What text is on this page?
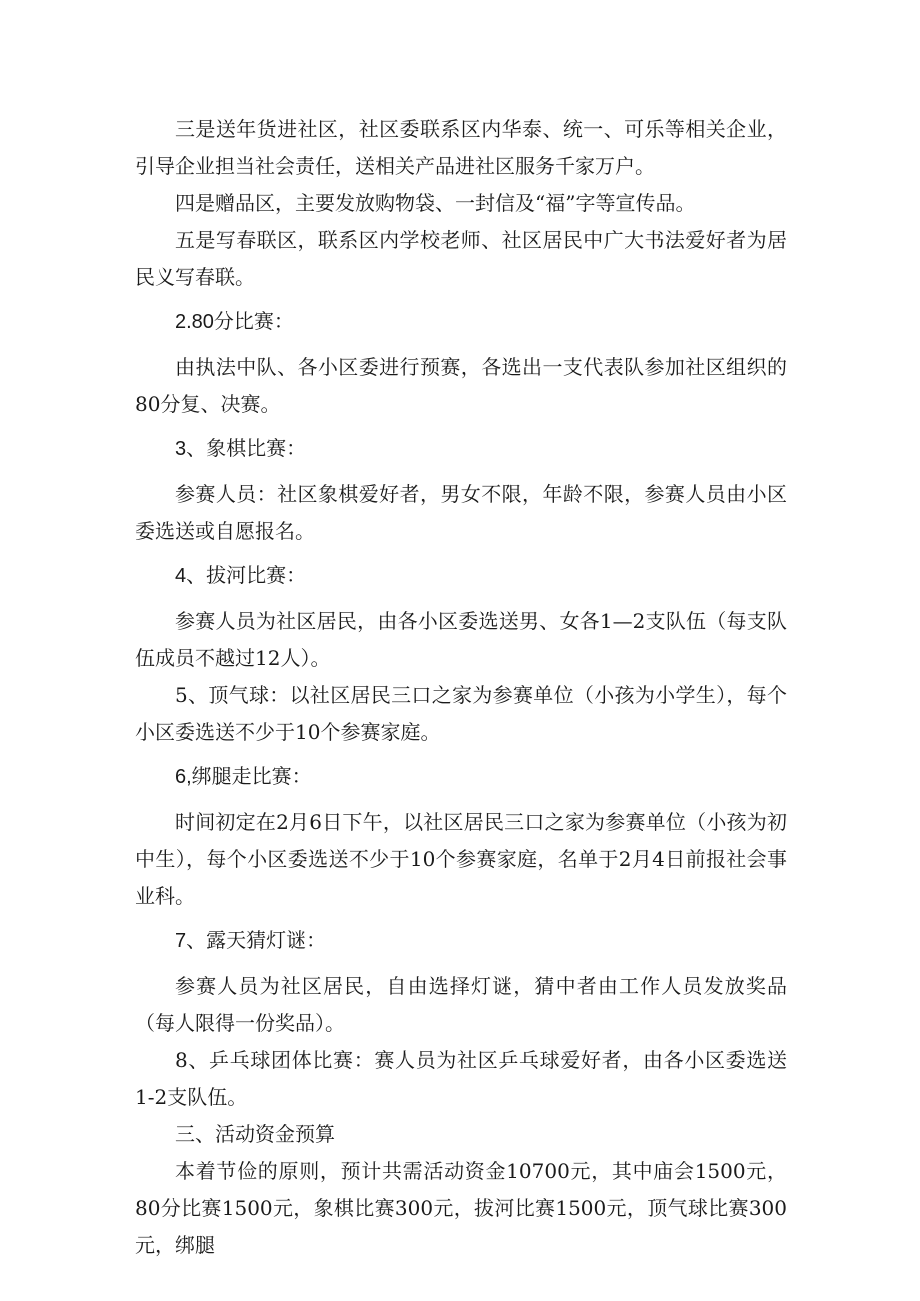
三是送年货进社区，社区委联系区内华泰、统一、可乐等相关企业，引导企业担当社会责任，送相关产品进社区服务千家万户。

四是赠品区，主要发放购物袋、一封信及“福”字等宣传品。

五是写春联区，联系区内学校老师、社区居民中广大书法爱好者为居民义写春联。

2.80分比赛：

由执法中队、各小区委进行预赛，各选出一支代表队参加社区组织的80分复、决赛。

3、象棋比赛：

参赛人员：社区象棋爱好者，男女不限，年龄不限，参赛人员由小区委选送或自愿报名。

4、拔河比赛：

参赛人员为社区居民，由各小区委选送男、女各1—2支队伍（每支队伍成员不越过12人）。

5、顶气球：以社区居民三口之家为参赛单位（小孩为小学生），每个小区委选送不少于10个参赛家庭。

6,绑腿走比赛：

时间初定在2月6日下午，以社区居民三口之家为参赛单位（小孩为初中生），每个小区委选送不少于10个参赛家庭，名单于2月4日前报社会事业科。

7、露天猜灯谜：

参赛人员为社区居民，自由选择灯谜，猜中者由工作人员发放奖品（每人限得一份奖品）。

8、乒乓球团体比赛：赛人员为社区乒乓球爱好者，由各小区委选送1-2支队伍。

三、活动资金预算

本着节俭的原则，预计共需活动资金10700元，其中庙会1500元，80分比赛1500元，象棋比赛300元，拔河比赛1500元，顶气球比赛300元，绑腿
